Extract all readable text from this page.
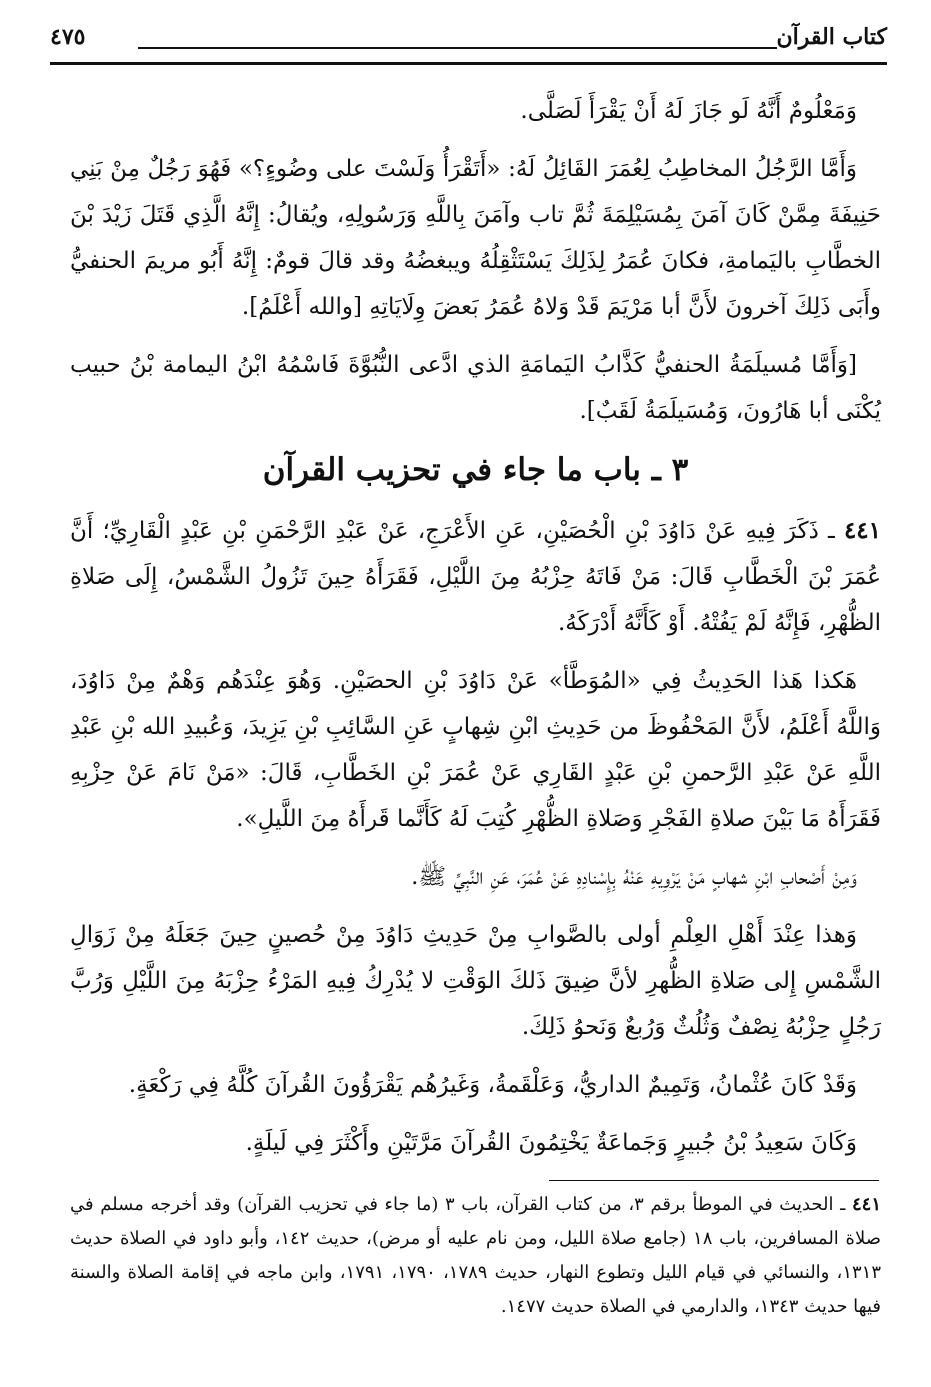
كتاب القرآن
٤٧٥

وَمَعْلُومٌ أَنَّهُ لَو جَازَ لَهُ أَنْ يَقْرَأَ لَصَلَّى.

وَأَمَّا الرَّجُلُ المخاطِبُ لِعُمَرَ القَائِلُ لَهُ: «أَتَقْرَأُ وَلَسْتَ على وضُوءٍ؟» فَهُوَ رَجُلٌ مِنْ بَنِي حَنِيفَةَ مِمَّنْ كَانَ آمَنَ بِمُسَيْلِمَةَ ثُمَّ تاب وآمَنَ بِاللَّهِ وَرَسُولِهِ، ويُقالُ: إِنَّهُ الَّذِي قَتَلَ زَيْدَ بْنَ الخطَّابِ باليَمامةِ، فكانَ عُمَرُ لِذَلِكَ يَسْتَثْقِلُهُ ويبغضُهُ وقد قالَ قومٌ: إِنَّهُ أَبُو مريمَ الحنفيُّ وأَبَى ذَلِكَ آخرونَ لأَنَّ أبا مَرْيَمَ قَدْ وَلاهُ عُمَرُ بَعضَ وِلَايَاتِهِ [والله أَعْلَمُ].

[وَأَمَّا مُسيلَمَةُ الحنفيُّ كَذَّابُ اليَمامَةِ الذي ادَّعى النُّبُوَّةَ فَاسْمُهُ ابْنُ اليمامة بْنُ حبيب يُكْنَى أبا هَارُونَ، وَمُسَيلَمَةُ لَقَبٌ].

٣ ـ باب ما جاء في تحزيب القرآن

٤٤١ ـ ذَكَرَ فِيهِ عَنْ دَاوُدَ بْنِ الْحُصَيْنِ، عَنِ الأَعْرَجِ، عَنْ عَبْدِ الرَّحْمَنِ بْنِ عَبْدٍ الْقَارِيِّ؛ أَنَّ عُمَرَ بْنَ الْخَطَّابِ قَالَ: مَنْ فَاتَهُ حِزْبُهُ مِنَ اللَّيْلِ، فَقَرَأَهُ حِينَ تَزُولُ الشَّمْسُ، إِلَى صَلاةِ الظُّهْرِ، فَإِنَّهُ لَمْ يَفُتْهُ. أَوْ كَأَنَّهُ أَدْرَكَهُ.

هَكذا هَذا الحَدِيثُ فِي «المُوَطَّأ» عَنْ دَاوُدَ بْنِ الحصَيْنِ. وَهُوَ عِنْدَهُم وَهْمٌ مِنْ دَاوُدَ، وَاللَّهُ أَعْلَمُ، لأَنَّ المَحْفُوظَ من حَدِيثِ ابْنِ شِهابٍ عَنِ السَّائِبِ بْنِ يَزِيدَ، وَعُبيدِ الله بْنِ عَبْدِ اللَّهِ عَنْ عَبْدِ الرَّحمنِ بْنِ عَبْدٍ القَارِي عَنْ عُمَرَ بْنِ الخَطَّابِ، قَالَ: «مَنْ نَامَ عَنْ حِزْبِهِ فَقَرَأَهُ مَا بَيْنَ صلاةِ الفَجْرِ وَصَلاةِ الظُّهْرِ كُتِبَ لَهُ كَأَنَّما قَرأَهُ مِنَ اللَّيلِ».

وَمِنْ أَصْحابِ ابْنِ شهابٍ مَنْ يَرْوِيهِ عَنْهُ بِإِسْنادِهِ عَنْ عُمَرَ، عَنِ النَّبِيِّ ﷺ.

وَهذا عِنْدَ أَهْلِ العِلْمِ أولى بالصَّوابِ مِنْ حَدِيثِ دَاوُدَ مِنْ حُصينٍ حِينَ جَعَلَهُ مِنْ زَوَالِ الشَّمْسِ إِلى صَلاةِ الظُّهرِ لأنَّ ضِيقَ ذَلكَ الوَقْتِ لا يُدْرِكُ فِيهِ المَرْءُ حِزْبَهُ مِنَ اللَّيْلِ وَرُبَّ رَجُلٍ حِزْبُهُ نِصْفٌ وَثُلُثٌ وَرُبعٌ وَنَحوُ ذَلِكَ.

وَقَدْ كَانَ عُثْمانُ، وَتَمِيمٌ الداريُّ، وَعَلْقَمةُ، وَغَيرُهُم يَقْرَؤُونَ القُرآنَ كُلَّهُ فِي رَكْعَةٍ.

وَكَانَ سَعِيدُ بْنُ جُبيرٍ وَجَماعَةٌ يَخْتِمُونَ القُرآنَ مَرَّتَيْنِ وأَكْثَرَ فِي لَيلَةٍ.

٤٤١ ـ الحديث في الموطأ برقم ٣، من كتاب القرآن، باب ٣ (ما جاء في تحزيب القرآن) وقد أخرجه مسلم في صلاة المسافرين، باب ١٨ (جامع صلاة الليل، ومن نام عليه أو مرض)، حديث ١٤٢، وأبو داود في الصلاة حديث ١٣١٣، والنسائي في قيام الليل وتطوع النهار، حديث ١٧٨٩، ١٧٩٠، ١٧٩١، وابن ماجه في إقامة الصلاة والسنة فيها حديث ١٣٤٣، والدارمي في الصلاة حديث ١٤٧٧.
